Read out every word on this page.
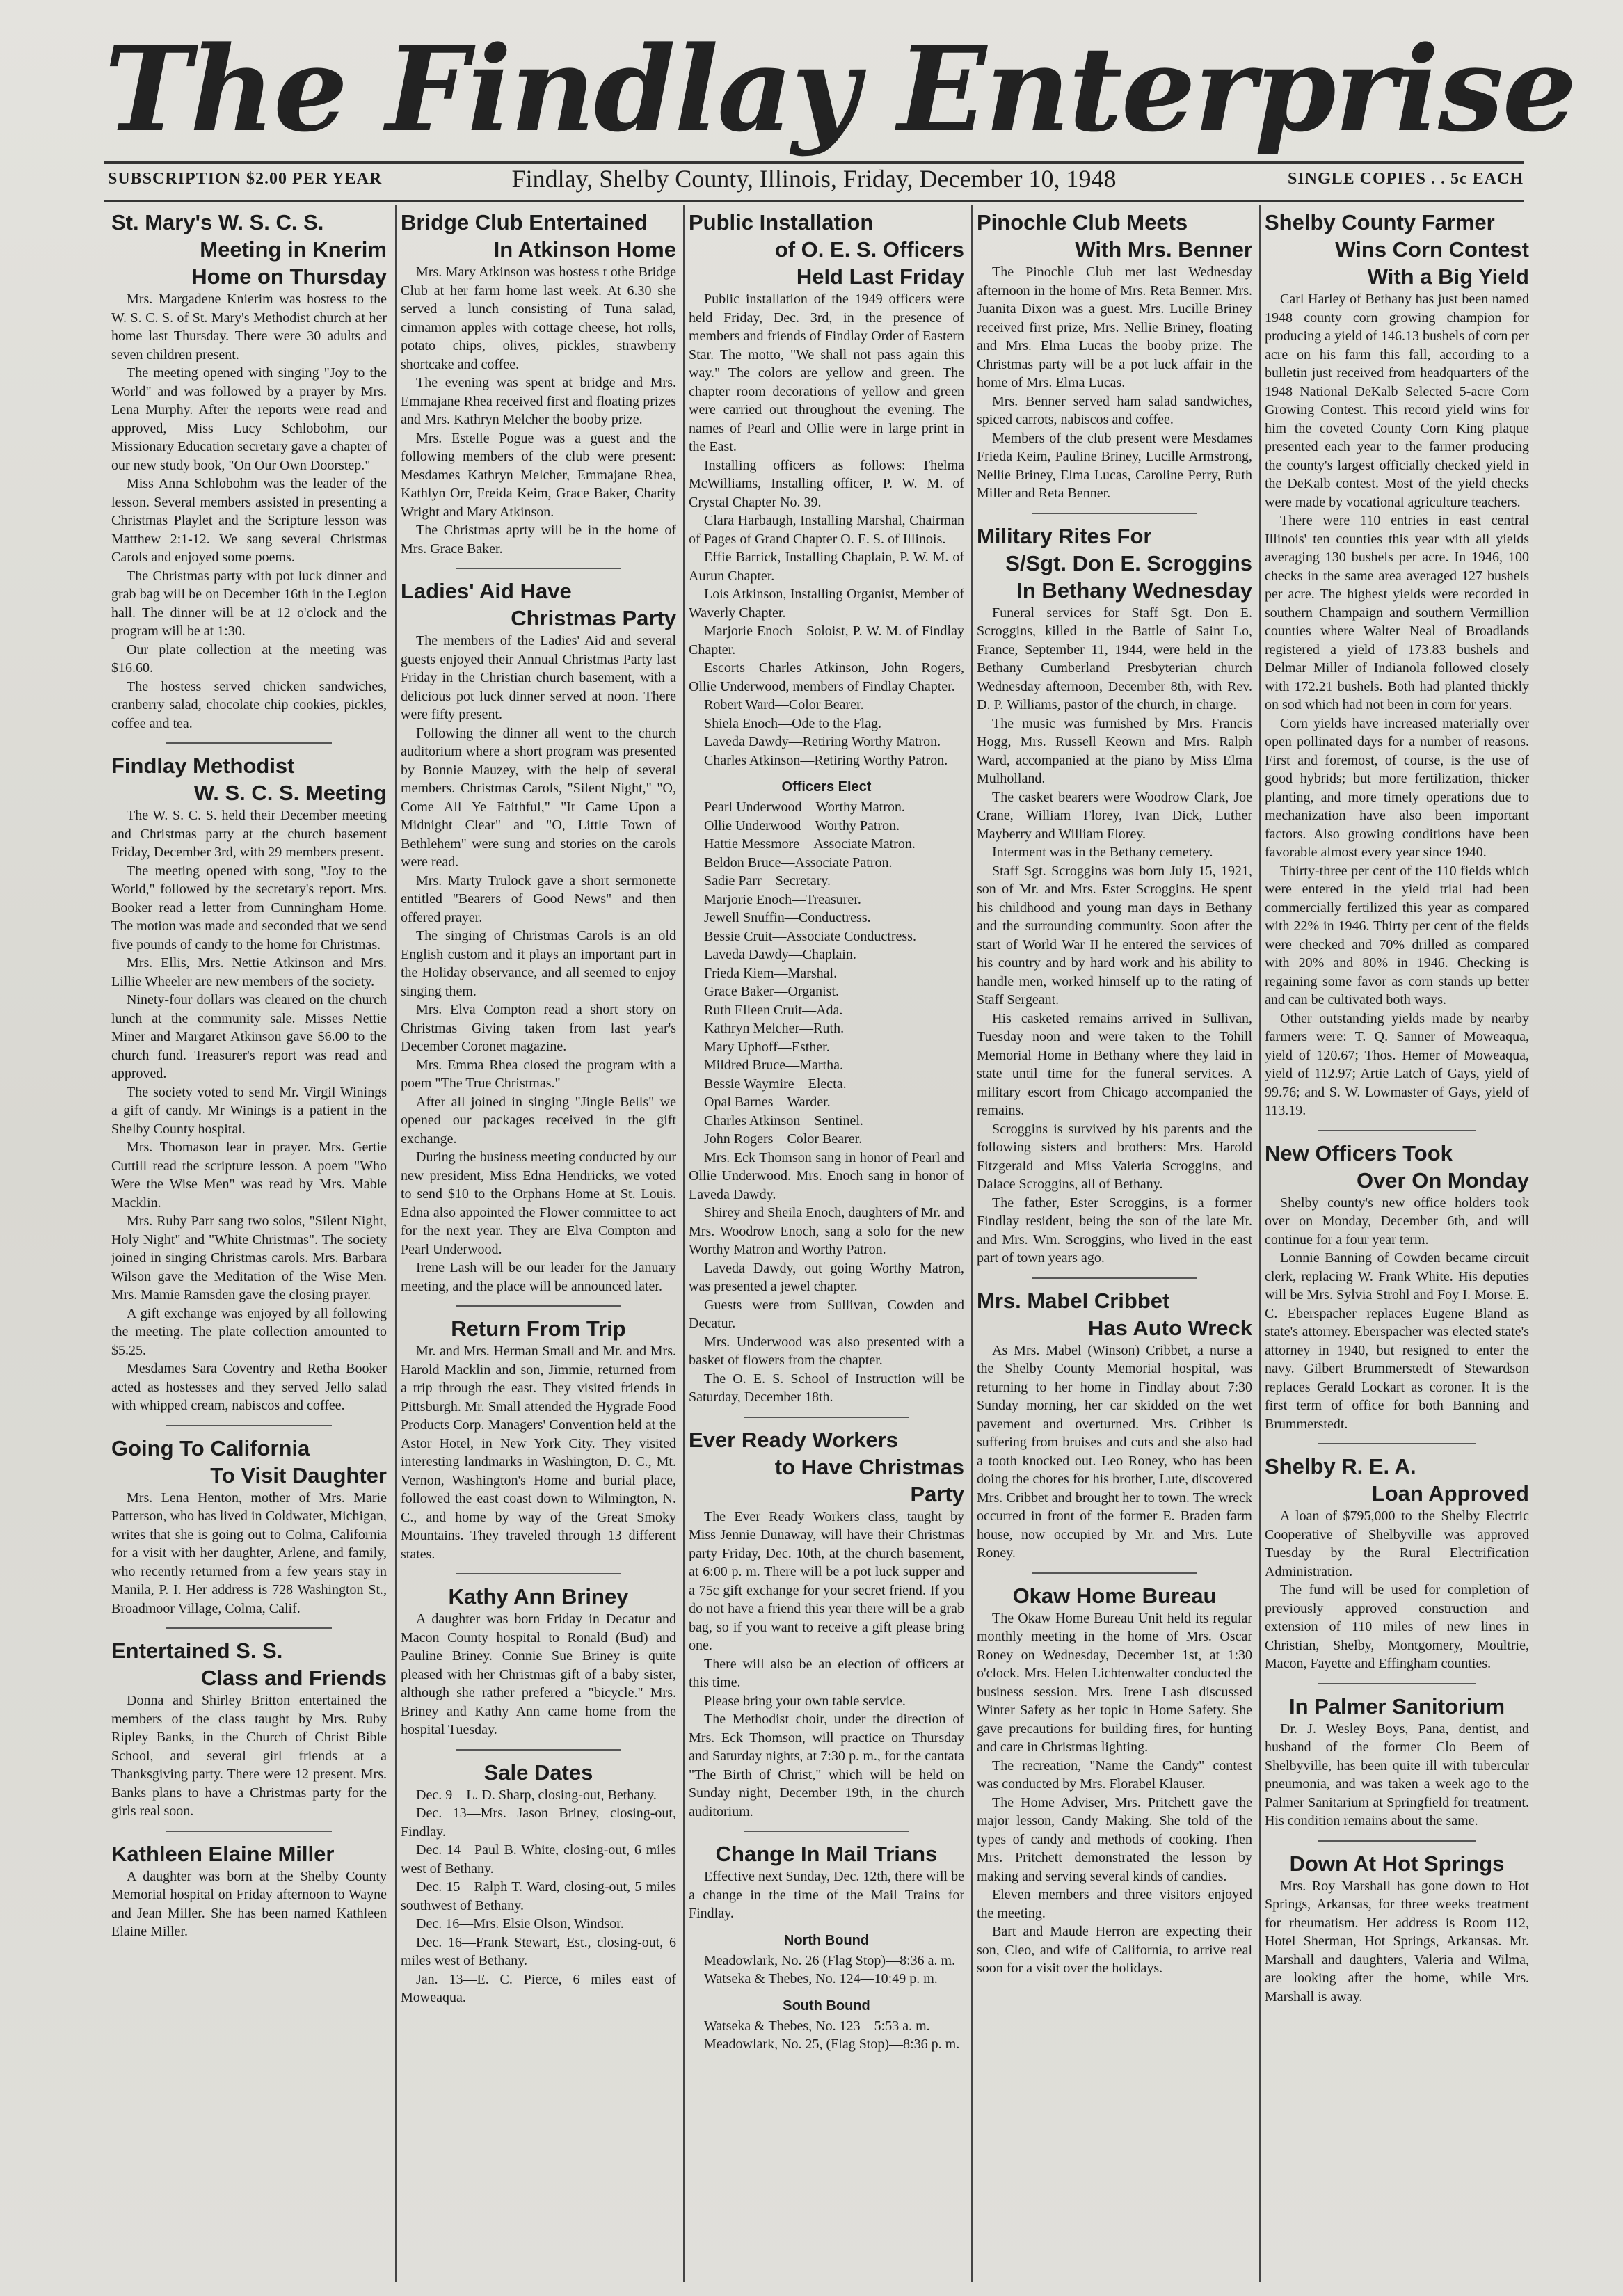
The Findlay Enterprise
SUBSCRIPTION $2.00 PER YEAR	Findlay, Shelby County, Illinois, Friday, December 10, 1948	SINGLE COPIES . . 5c EACH
St. Mary's W. S. C. S.
Meeting in Knerim
Home on Thursday

Mrs. Margadene Knierim was hostess to the W. S. C. S. of St. Mary's Methodist church at her home last Thursday. There were 30 adults and seven children present.

The meeting opened with singing "Joy to the World" and was followed by a prayer by Mrs. Lena Murphy. After the reports were read and approved, Miss Lucy Schlobohm, our Missionary Education secretary gave a chapter of our new study book, "On Our Own Doorstep."

Miss Anna Schlobohm was the leader of the lesson. Several members assisted in presenting a Christmas Playlet and the Scripture lesson was Matthew 2:1-12. We sang several Christmas Carols and enjoyed some poems.

The Christmas party with pot luck dinner and grab bag will be on December 16th in the Legion hall. The dinner will be at 12 o'clock and the program will be at 1:30.

Our plate collection at the meeting was $16.60.

The hostess served chicken sandwiches, cranberry salad, chocolate chip cookies, pickles, coffee and tea.

Findlay Methodist
W. S. C. S. Meeting

The W. S. C. S. held their December meeting and Christmas party at the church basement Friday, December 3rd, with 29 members present.

The meeting opened with song, "Joy to the World," followed by the secretary's report. Mrs. Booker read a letter from Cunningham Home. The motion was made and seconded that we send five pounds of candy to the home for Christmas.

Mrs. Ellis, Mrs. Nettie Atkinson and Mrs. Lillie Wheeler are new members of the society.

Ninety-four dollars was cleared on the church lunch at the community sale. Misses Nettie Miner and Margaret Atkinson gave $6.00 to the church fund. Treasurer's report was read and approved.

The society voted to send Mr. Virgil Winings a gift of candy. Mr Winings is a patient in the Shelby County hospital.

Mrs. Thomason lear in prayer. Mrs. Gertie Cuttill read the scripture lesson. A poem "Who Were the Wise Men" was read by Mrs. Mable Macklin.

Mrs. Ruby Parr sang two solos, "Silent Night, Holy Night" and "White Christmas". The society joined in singing Christmas carols. Mrs. Barbara Wilson gave the Meditation of the Wise Men. Mrs. Mamie Ramsden gave the closing prayer.

A gift exchange was enjoyed by all following the meeting. The plate collection amounted to $5.25.

Mesdames Sara Coventry and Retha Booker acted as hostesses and they served Jello salad with whipped cream, nabiscos and coffee.

Going To California
To Visit Daughter

Mrs. Lena Henton, mother of Mrs. Marie Patterson, who has lived in Coldwater, Michigan, writes that she is going out to Colma, California for a visit with her daughter, Arlene, and family, who recently returned from a few years stay in Manila, P. I. Her address is 728 Washington St., Broadmoor Village, Colma, Calif.

Entertained S. S.
Class and Friends

Donna and Shirley Britton entertained the members of the class taught by Mrs. Ruby Ripley Banks, in the Church of Christ Bible School, and several girl friends at a Thanksgiving party. There were 12 present. Mrs. Banks plans to have a Christmas party for the girls real soon.

Kathleen Elaine Miller

A daughter was born at the Shelby County Memorial hospital on Friday afternoon to Wayne and Jean Miller. She has been named Kathleen Elaine Miller.

Bridge Club Entertained
In Atkinson Home

Mrs. Mary Atkinson was hostess t othe Bridge Club at her farm home last week. At 6.30 she served a lunch consisting of Tuna salad, cinnamon apples with cottage cheese, hot rolls, potato chips, olives, pickles, strawberry shortcake and coffee.

The evening was spent at bridge and Mrs. Emmajane Rhea received first and floating prizes and Mrs. Kathryn Melcher the booby prize.

Mrs. Estelle Pogue was a guest and the following members of the club were present: Mesdames Kathryn Melcher, Emmajane Rhea, Kathlyn Orr, Freida Keim, Grace Baker, Charity Wright and Mary Atkinson.

The Christmas aprty will be in the home of Mrs. Grace Baker.

Ladies' Aid Have
Christmas Party

The members of the Ladies' Aid and several guests enjoyed their Annual Christmas Party last Friday in the Christian church basement, with a delicious pot luck dinner served at noon. There were fifty present.

Following the dinner all went to the church auditorium where a short program was presented by Bonnie Mauzey, with the help of several members. Christmas Carols, "Silent Night," "O, Come All Ye Faithful," "It Came Upon a Midnight Clear" and "O, Little Town of Bethlehem" were sung and stories on the carols were read.

Mrs. Marty Trulock gave a short sermonette entitled "Bearers of Good News" and then offered prayer.

The singing of Christmas Carols is an old English custom and it plays an important part in the Holiday observance, and all seemed to enjoy singing them.

Mrs. Elva Compton read a short story on Christmas Giving taken from last year's December Coronet magazine.

Mrs. Emma Rhea closed the program with a poem "The True Christmas."

After all joined in singing "Jingle Bells" we opened our packages received in the gift exchange.

During the business meeting conducted by our new president, Miss Edna Hendricks, we voted to send $10 to the Orphans Home at St. Louis. Edna also appointed the Flower committee to act for the next year. They are Elva Compton and Pearl Underwood.

Irene Lash will be our leader for the January meeting, and the place will be announced later.

Return From Trip

Mr. and Mrs. Herman Small and Mr. and Mrs. Harold Macklin and son, Jimmie, returned from a trip through the east. They visited friends in Pittsburgh. Mr. Small attended the Hygrade Food Products Corp. Managers' Convention held at the Astor Hotel, in New York City. They visited interesting landmarks in Washington, D. C., Mt. Vernon, Washington's Home and burial place, followed the east coast down to Wilmington, N. C., and home by way of the Great Smoky Mountains. They traveled through 13 different states.

Kathy Ann Briney

A daughter was born Friday in Decatur and Macon County hospital to Ronald (Bud) and Pauline Briney. Connie Sue Briney is quite pleased with her Christmas gift of a baby sister, although she rather prefered a "bicycle." Mrs. Briney and Kathy Ann came home from the hospital Tuesday.

Sale Dates

Dec. 9—L. D. Sharp, closing-out, Bethany.

Dec. 13—Mrs. Jason Briney, closing-out, Findlay.

Dec. 14—Paul B. White, closing-out, 6 miles west of Bethany.

Dec. 15—Ralph T. Ward, closing-out, 5 miles southwest of Bethany.

Dec. 16—Mrs. Elsie Olson, Windsor.

Dec. 16—Frank Stewart, Est., closing-out, 6 miles west of Bethany.

Jan. 13—E. C. Pierce, 6 miles east of Moweaqua.

Public Installation
of O. E. S. Officers
Held Last Friday

Public installation of the 1949 officers were held Friday, Dec. 3rd, in the presence of members and friends of Findlay Order of Eastern Star. The motto, "We shall not pass again this way." The colors are yellow and green. The chapter room decorations of yellow and green were carried out throughout the evening. The names of Pearl and Ollie were in large print in the East.

Installing officers as follows: Thelma McWilliams, Installing officer, P. W. M. of Crystal Chapter No. 39.

Clara Harbaugh, Installing Marshal, Chairman of Pages of Grand Chapter O. E. S. of Illinois.

Effie Barrick, Installing Chaplain, P. W. M. of Aurun Chapter.

Lois Atkinson, Installing Organist, Member of Waverly Chapter.

Marjorie Enoch—Soloist, P. W. M. of Findlay Chapter.

Escorts—Charles Atkinson, John Rogers, Ollie Underwood, members of Findlay Chapter.

Robert Ward—Color Bearer.

Shiela Enoch—Ode to the Flag.

Laveda Dawdy—Retiring Worthy Matron.

Charles Atkinson—Retiring Worthy Patron.

Officers Elect

Pearl Underwood—Worthy Matron.

Ollie Underwood—Worthy Patron.

Hattie Messmore—Associate Matron.

Beldon Bruce—Associate Patron.

Sadie Parr—Secretary.

Marjorie Enoch—Treasurer.

Jewell Snuffin—Conductress.

Bessie Cruit—Associate Conductress.

Laveda Dawdy—Chaplain.

Frieda Kiem—Marshal.

Grace Baker—Organist.

Ruth Elleen Cruit—Ada.

Kathryn Melcher—Ruth.

Mary Uphoff—Esther.

Mildred Bruce—Martha.

Bessie Waymire—Electa.

Opal Barnes—Warder.

Charles Atkinson—Sentinel.

John Rogers—Color Bearer.

Mrs. Eck Thomson sang in honor of Pearl and Ollie Underwood. Mrs. Enoch sang in honor of Laveda Dawdy.

Shirey and Sheila Enoch, daughters of Mr. and Mrs. Woodrow Enoch, sang a solo for the new Worthy Matron and Worthy Patron.

Laveda Dawdy, out going Worthy Matron, was presented a jewel chapter.

Guests were from Sullivan, Cowden and Decatur.

Mrs. Underwood was also presented with a basket of flowers from the chapter.

The O. E. S. School of Instruction will be Saturday, December 18th.

Ever Ready Workers
to Have Christmas Party

The Ever Ready Workers class, taught by Miss Jennie Dunaway, will have their Christmas party Friday, Dec. 10th, at the church basement, at 6:00 p. m. There will be a pot luck supper and a 75c gift exchange for your secret friend. If you do not have a friend this year there will be a grab bag, so if you want to receive a gift please bring one.

There will also be an election of officers at this time.

Please bring your own table service.

The Methodist choir, under the direction of Mrs. Eck Thomson, will practice on Thursday and Saturday nights, at 7:30 p. m., for the cantata "The Birth of Christ," which will be held on Sunday night, December 19th, in the church auditorium.

Change In Mail Trians

Effective next Sunday, Dec. 12th, there will be a change in the time of the Mail Trains for Findlay.

North Bound

Meadowlark, No. 26 (Flag Stop)—8:36 a. m.

Watseka & Thebes, No. 124—10:49 p. m.

South Bound

Watseka & Thebes, No. 123—5:53 a. m.

Meadowlark, No. 25, (Flag Stop)—8:36 p. m.

Pinochle Club Meets
With Mrs. Benner

The Pinochle Club met last Wednesday afternoon in the home of Mrs. Reta Benner. Mrs. Juanita Dixon was a guest. Mrs. Lucille Briney received first prize, Mrs. Nellie Briney, floating and Mrs. Elma Lucas the booby prize. The Christmas party will be a pot luck affair in the home of Mrs. Elma Lucas.

Mrs. Benner served ham salad sandwiches, spiced carrots, nabiscos and coffee.

Members of the club present were Mesdames Frieda Keim, Pauline Briney, Lucille Armstrong, Nellie Briney, Elma Lucas, Caroline Perry, Ruth Miller and Reta Benner.

Military Rites For
S/Sgt. Don E. Scroggins
In Bethany Wednesday

Funeral services for Staff Sgt. Don E. Scroggins, killed in the Battle of Saint Lo, France, September 11, 1944, were held in the Bethany Cumberland Presbyterian church Wednesday afternoon, December 8th, with Rev. D. P. Williams, pastor of the church, in charge.

The music was furnished by Mrs. Francis Hogg, Mrs. Russell Keown and Mrs. Ralph Ward, accompanied at the piano by Miss Elma Mulholland.

The casket bearers were Woodrow Clark, Joe Crane, William Florey, Ivan Dick, Luther Mayberry and William Florey.

Interment was in the Bethany cemetery.

Staff Sgt. Scroggins was born July 15, 1921, son of Mr. and Mrs. Ester Scroggins. He spent his childhood and young man days in Bethany and the surrounding community. Soon after the start of World War II he entered the services of his country and by hard work and his ability to handle men, worked himself up to the rating of Staff Sergeant.

His casketed remains arrived in Sullivan, Tuesday noon and were taken to the Tohill Memorial Home in Bethany where they laid in state until time for the funeral services. A military escort from Chicago accompanied the remains.

Scroggins is survived by his parents and the following sisters and brothers: Mrs. Harold Fitzgerald and Miss Valeria Scroggins, and Dalace Scroggins, all of Bethany.

The father, Ester Scroggins, is a former Findlay resident, being the son of the late Mr. and Mrs. Wm. Scroggins, who lived in the east part of town years ago.

Mrs. Mabel Cribbet
Has Auto Wreck

As Mrs. Mabel (Winson) Cribbet, a nurse a the Shelby County Memorial hospital, was returning to her home in Findlay about 7:30 Sunday morning, her car skidded on the wet pavement and overturned. Mrs. Cribbet is suffering from bruises and cuts and she also had a tooth knocked out. Leo Roney, who has been doing the chores for his brother, Lute, discovered Mrs. Cribbet and brought her to town. The wreck occurred in front of the former E. Braden farm house, now occupied by Mr. and Mrs. Lute Roney.

Okaw Home Bureau

The Okaw Home Bureau Unit held its regular monthly meeting in the home of Mrs. Oscar Roney on Wednesday, December 1st, at 1:30 o'clock. Mrs. Helen Lichtenwalter conducted the business session. Mrs. Irene Lash discussed Winter Safety as her topic in Home Safety. She gave precautions for building fires, for hunting and care in Christmas lighting.

The recreation, "Name the Candy" contest was conducted by Mrs. Florabel Klauser.

The Home Adviser, Mrs. Pritchett gave the major lesson, Candy Making. She told of the types of candy and methods of cooking. Then Mrs. Pritchett demonstrated the lesson by making and serving several kinds of candies.

Eleven members and three visitors enjoyed the meeting.

Bart and Maude Herron are expecting their son, Cleo, and wife of California, to arrive real soon for a visit over the holidays.

Shelby County Farmer
Wins Corn Contest
With a Big Yield

Carl Harley of Bethany has just been named 1948 county corn growing champion for producing a yield of 146.13 bushels of corn per acre on his farm this fall, according to a bulletin just received from headquarters of the 1948 National DeKalb Selected 5-acre Corn Growing Contest. This record yield wins for him the coveted County Corn King plaque presented each year to the farmer producing the county's largest officially checked yield in the DeKalb contest. Most of the yield checks were made by vocational agriculture teachers.

There were 110 entries in east central Illinois' ten counties this year with all yields averaging 130 bushels per acre. In 1946, 100 checks in the same area averaged 127 bushels per acre. The highest yields were recorded in southern Champaign and southern Vermillion counties where Walter Neal of Broadlands registered a yield of 173.83 bushels and Delmar Miller of Indianola followed closely with 172.21 bushels. Both had planted thickly on sod which had not been in corn for years.

Corn yields have increased materially over open pollinated days for a number of reasons. First and foremost, of course, is the use of good hybrids; but more fertilization, thicker planting, and more timely operations due to mechanization have also been important factors. Also growing conditions have been favorable almost every year since 1940.

Thirty-three per cent of the 110 fields which were entered in the yield trial had been commercially fertilized this year as compared with 22% in 1946. Thirty per cent of the fields were checked and 70% drilled as compared with 20% and 80% in 1946. Checking is regaining some favor as corn stands up better and can be cultivated both ways.

Other outstanding yields made by nearby farmers were: T. Q. Sanner of Moweaqua, yield of 120.67; Thos. Hemer of Moweaqua, yield of 112.97; Artie Latch of Gays, yield of 99.76; and S. W. Lowmaster of Gays, yield of 113.19.

New Officers Took
Over On Monday

Shelby county's new office holders took over on Monday, December 6th, and will continue for a four year term.

Lonnie Banning of Cowden became circuit clerk, replacing W. Frank White. His deputies will be Mrs. Sylvia Strohl and Foy I. Morse. E. C. Eberspacher replaces Eugene Bland as state's attorney. Eberspacher was elected state's attorney in 1940, but resigned to enter the navy. Gilbert Brummerstedt of Stewardson replaces Gerald Lockart as coroner. It is the first term of office for both Banning and Brummerstedt.

Shelby R. E. A.
Loan Approved

A loan of $795,000 to the Shelby Electric Cooperative of Shelbyville was approved Tuesday by the Rural Electrification Administration.

The fund will be used for completion of previously approved construction and extension of 110 miles of new lines in Christian, Shelby, Montgomery, Moultrie, Macon, Fayette and Effingham counties.

In Palmer Sanitorium

Dr. J. Wesley Boys, Pana, dentist, and husband of the former Clo Beem of Shelbyville, has been quite ill with tubercular pneumonia, and was taken a week ago to the Palmer Sanitarium at Springfield for treatment. His condition remains about the same.

Down At Hot Springs

Mrs. Roy Marshall has gone down to Hot Springs, Arkansas, for three weeks treatment for rheumatism. Her address is Room 112, Hotel Sherman, Hot Springs, Arkansas. Mr. Marshall and daughters, Valeria and Wilma, are looking after the home, while Mrs. Marshall is away.
